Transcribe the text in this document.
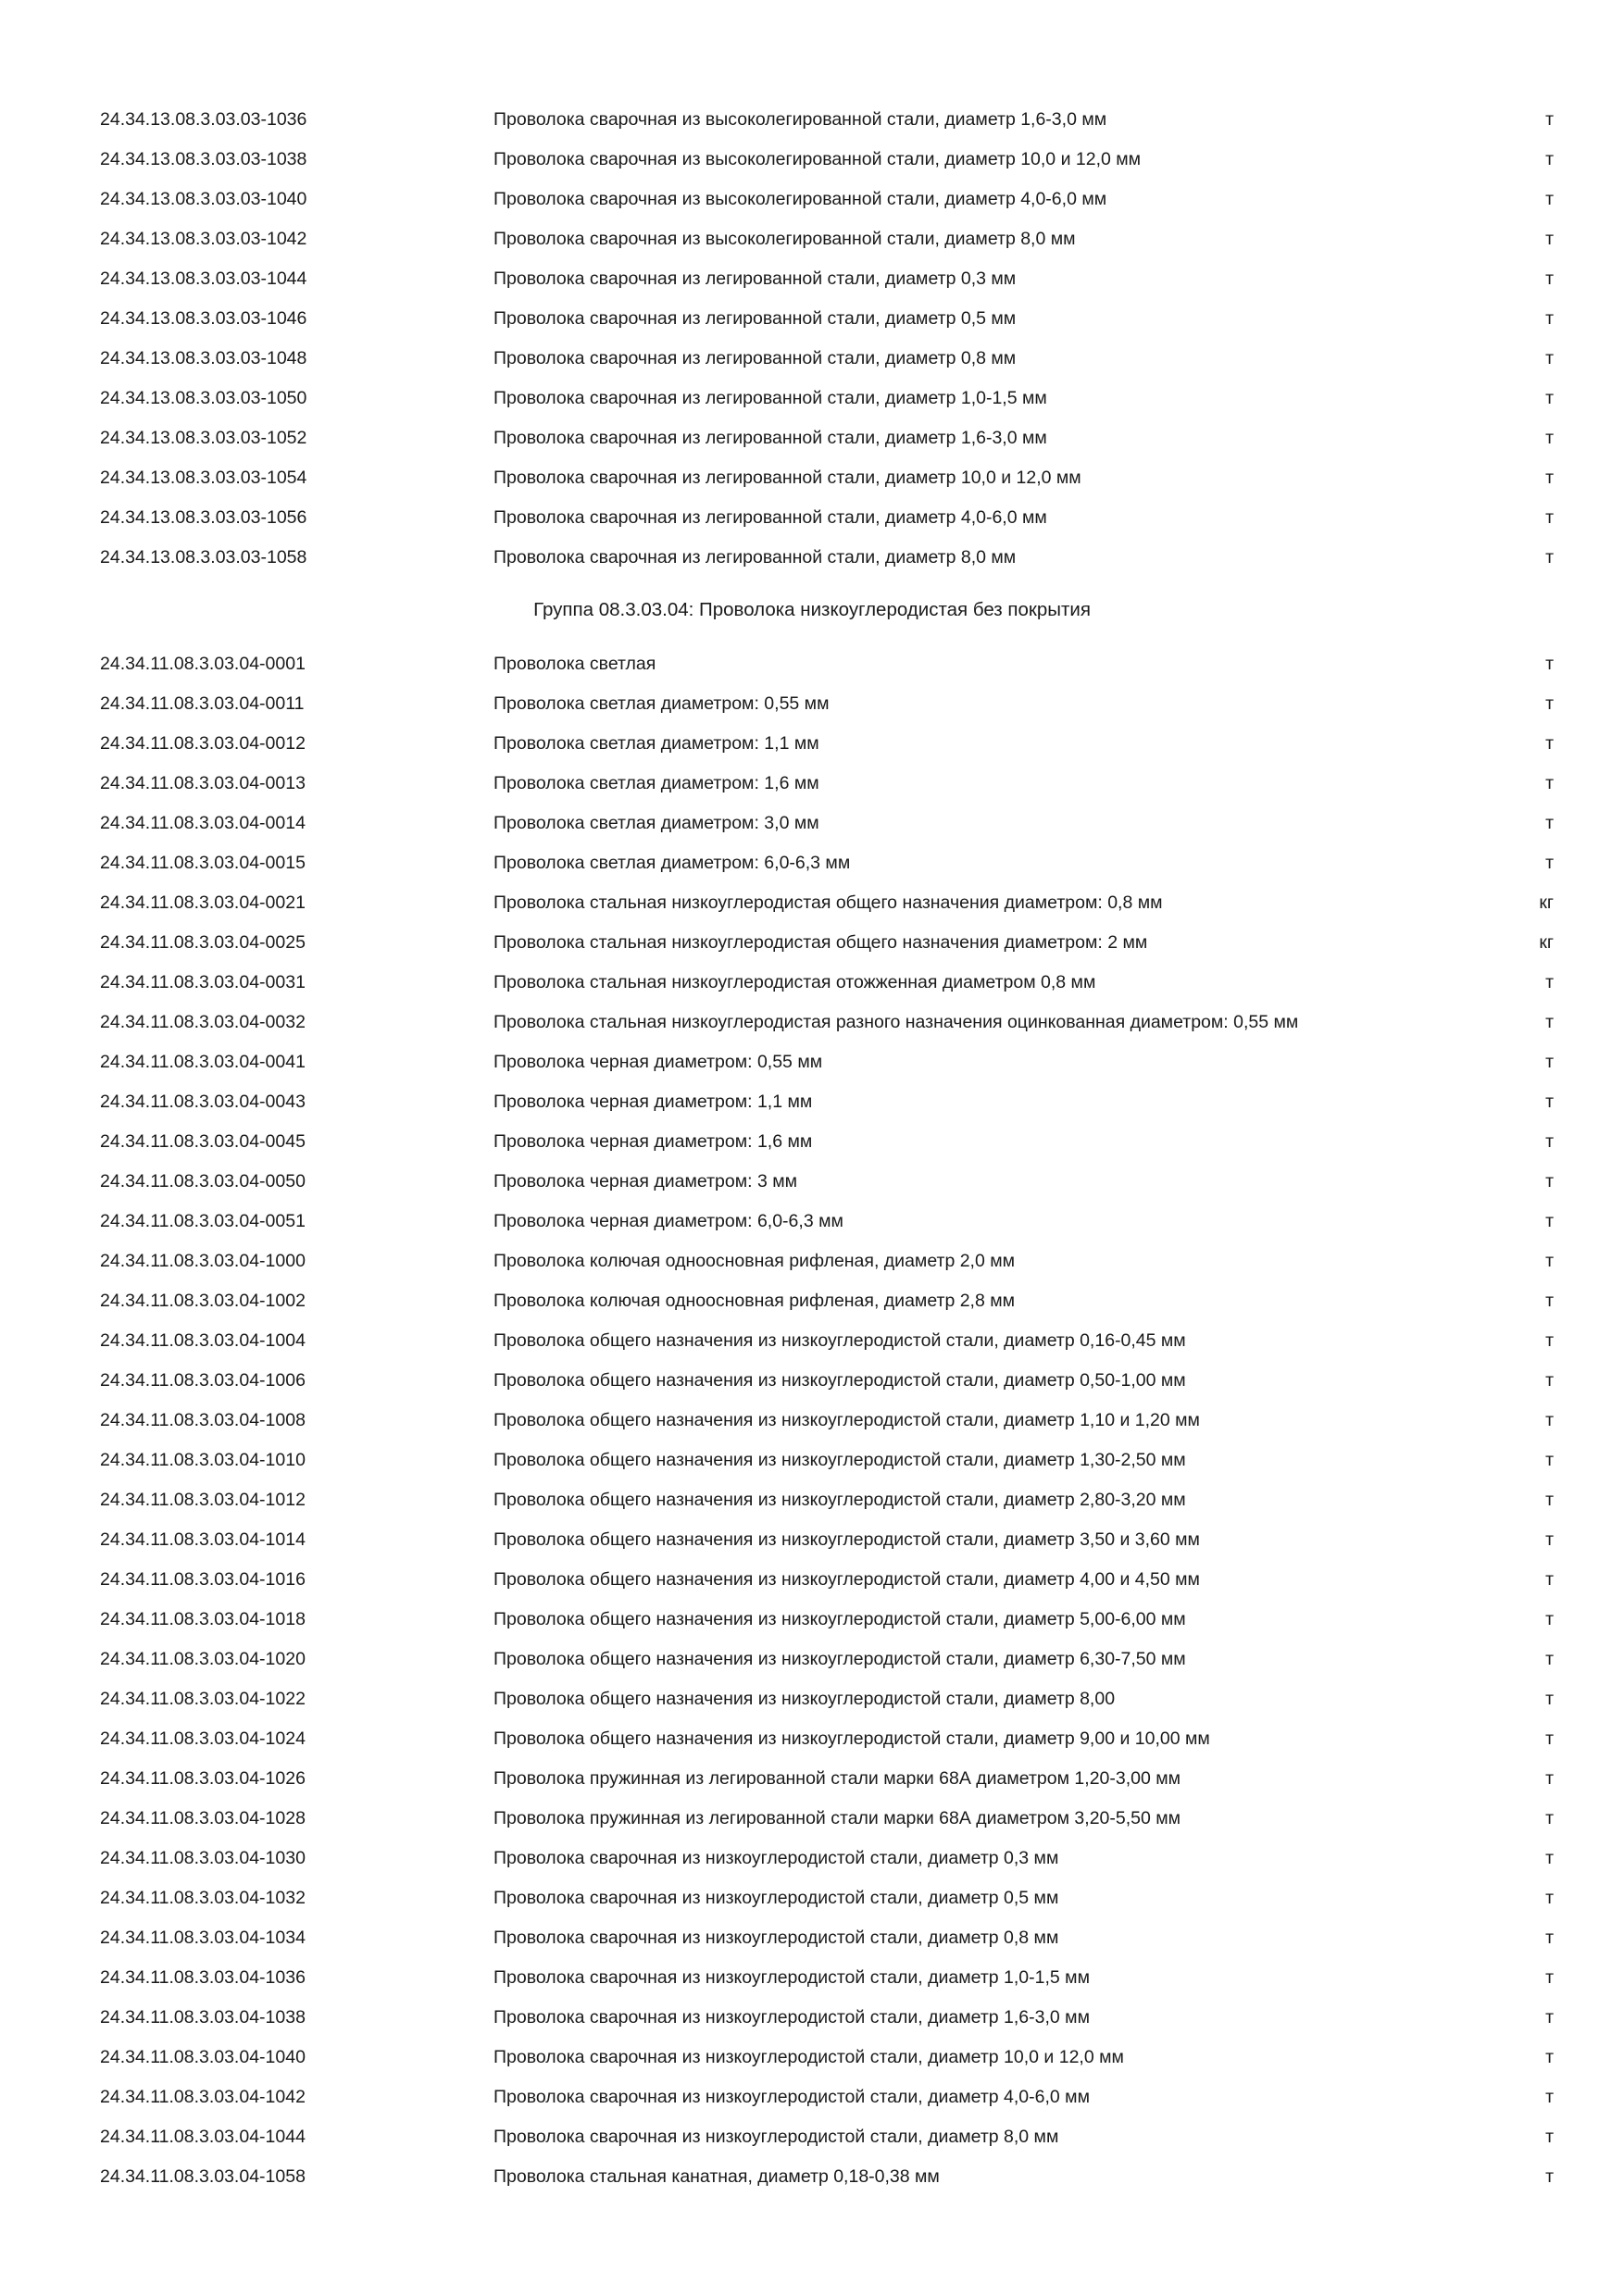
24.34.13.08.3.03.03-1036	Проволока сварочная из высоколегированной стали, диаметр 1,6-3,0 мм	т
24.34.13.08.3.03.03-1038	Проволока сварочная из высоколегированной стали, диаметр 10,0 и 12,0 мм	т
24.34.13.08.3.03.03-1040	Проволока сварочная из высоколегированной стали, диаметр 4,0-6,0 мм	т
24.34.13.08.3.03.03-1042	Проволока сварочная из высоколегированной стали, диаметр 8,0 мм	т
24.34.13.08.3.03.03-1044	Проволока сварочная из легированной стали, диаметр 0,3 мм	т
24.34.13.08.3.03.03-1046	Проволока сварочная из легированной стали, диаметр 0,5 мм	т
24.34.13.08.3.03.03-1048	Проволока сварочная из легированной стали, диаметр 0,8 мм	т
24.34.13.08.3.03.03-1050	Проволока сварочная из легированной стали, диаметр 1,0-1,5 мм	т
24.34.13.08.3.03.03-1052	Проволока сварочная из легированной стали, диаметр 1,6-3,0 мм	т
24.34.13.08.3.03.03-1054	Проволока сварочная из легированной стали, диаметр 10,0 и 12,0 мм	т
24.34.13.08.3.03.03-1056	Проволока сварочная из легированной стали, диаметр 4,0-6,0 мм	т
24.34.13.08.3.03.03-1058	Проволока сварочная из легированной стали, диаметр 8,0 мм	т
Группа 08.3.03.04: Проволока низкоуглеродистая без покрытия
24.34.11.08.3.03.04-0001	Проволока светлая	т
24.34.11.08.3.03.04-0011	Проволока светлая диаметром: 0,55 мм	т
24.34.11.08.3.03.04-0012	Проволока светлая диаметром: 1,1 мм	т
24.34.11.08.3.03.04-0013	Проволока светлая диаметром: 1,6 мм	т
24.34.11.08.3.03.04-0014	Проволока светлая диаметром: 3,0 мм	т
24.34.11.08.3.03.04-0015	Проволока светлая диаметром: 6,0-6,3 мм	т
24.34.11.08.3.03.04-0021	Проволока стальная низкоуглеродистая общего назначения диаметром: 0,8 мм	кг
24.34.11.08.3.03.04-0025	Проволока стальная низкоуглеродистая общего назначения диаметром: 2 мм	кг
24.34.11.08.3.03.04-0031	Проволока стальная низкоуглеродистая отожженная диаметром 0,8 мм	т
24.34.11.08.3.03.04-0032	Проволока стальная низкоуглеродистая разного назначения оцинкованная диаметром: 0,55 мм	т
24.34.11.08.3.03.04-0041	Проволока черная диаметром: 0,55 мм	т
24.34.11.08.3.03.04-0043	Проволока черная диаметром: 1,1 мм	т
24.34.11.08.3.03.04-0045	Проволока черная диаметром: 1,6 мм	т
24.34.11.08.3.03.04-0050	Проволока черная диаметром: 3 мм	т
24.34.11.08.3.03.04-0051	Проволока черная диаметром: 6,0-6,3 мм	т
24.34.11.08.3.03.04-1000	Проволока колючая одноосновная рифленая, диаметр 2,0 мм	т
24.34.11.08.3.03.04-1002	Проволока колючая одноосновная рифленая, диаметр 2,8 мм	т
24.34.11.08.3.03.04-1004	Проволока общего назначения из низкоуглеродистой стали, диаметр 0,16-0,45 мм	т
24.34.11.08.3.03.04-1006	Проволока общего назначения из низкоуглеродистой стали, диаметр 0,50-1,00 мм	т
24.34.11.08.3.03.04-1008	Проволока общего назначения из низкоуглеродистой стали, диаметр 1,10 и 1,20 мм	т
24.34.11.08.3.03.04-1010	Проволока общего назначения из низкоуглеродистой стали, диаметр 1,30-2,50 мм	т
24.34.11.08.3.03.04-1012	Проволока общего назначения из низкоуглеродистой стали, диаметр 2,80-3,20 мм	т
24.34.11.08.3.03.04-1014	Проволока общего назначения из низкоуглеродистой стали, диаметр 3,50 и 3,60 мм	т
24.34.11.08.3.03.04-1016	Проволока общего назначения из низкоуглеродистой стали, диаметр 4,00 и 4,50 мм	т
24.34.11.08.3.03.04-1018	Проволока общего назначения из низкоуглеродистой стали, диаметр 5,00-6,00 мм	т
24.34.11.08.3.03.04-1020	Проволока общего назначения из низкоуглеродистой стали, диаметр 6,30-7,50 мм	т
24.34.11.08.3.03.04-1022	Проволока общего назначения из низкоуглеродистой стали, диаметр 8,00	т
24.34.11.08.3.03.04-1024	Проволока общего назначения из низкоуглеродистой стали, диаметр 9,00 и 10,00 мм	т
24.34.11.08.3.03.04-1026	Проволока пружинная из легированной стали марки 68А диаметром 1,20-3,00 мм	т
24.34.11.08.3.03.04-1028	Проволока пружинная из легированной стали марки 68А диаметром 3,20-5,50 мм	т
24.34.11.08.3.03.04-1030	Проволока сварочная из низкоуглеродистой стали, диаметр 0,3 мм	т
24.34.11.08.3.03.04-1032	Проволока сварочная из низкоуглеродистой стали, диаметр 0,5 мм	т
24.34.11.08.3.03.04-1034	Проволока сварочная из низкоуглеродистой стали, диаметр 0,8 мм	т
24.34.11.08.3.03.04-1036	Проволока сварочная из низкоуглеродистой стали, диаметр 1,0-1,5 мм	т
24.34.11.08.3.03.04-1038	Проволока сварочная из низкоуглеродистой стали, диаметр 1,6-3,0 мм	т
24.34.11.08.3.03.04-1040	Проволока сварочная из низкоуглеродистой стали, диаметр 10,0 и 12,0 мм	т
24.34.11.08.3.03.04-1042	Проволока сварочная из низкоуглеродистой стали, диаметр 4,0-6,0 мм	т
24.34.11.08.3.03.04-1044	Проволока сварочная из низкоуглеродистой стали, диаметр 8,0 мм	т
24.34.11.08.3.03.04-1058	Проволока стальная канатная, диаметр 0,18-0,38 мм	т
